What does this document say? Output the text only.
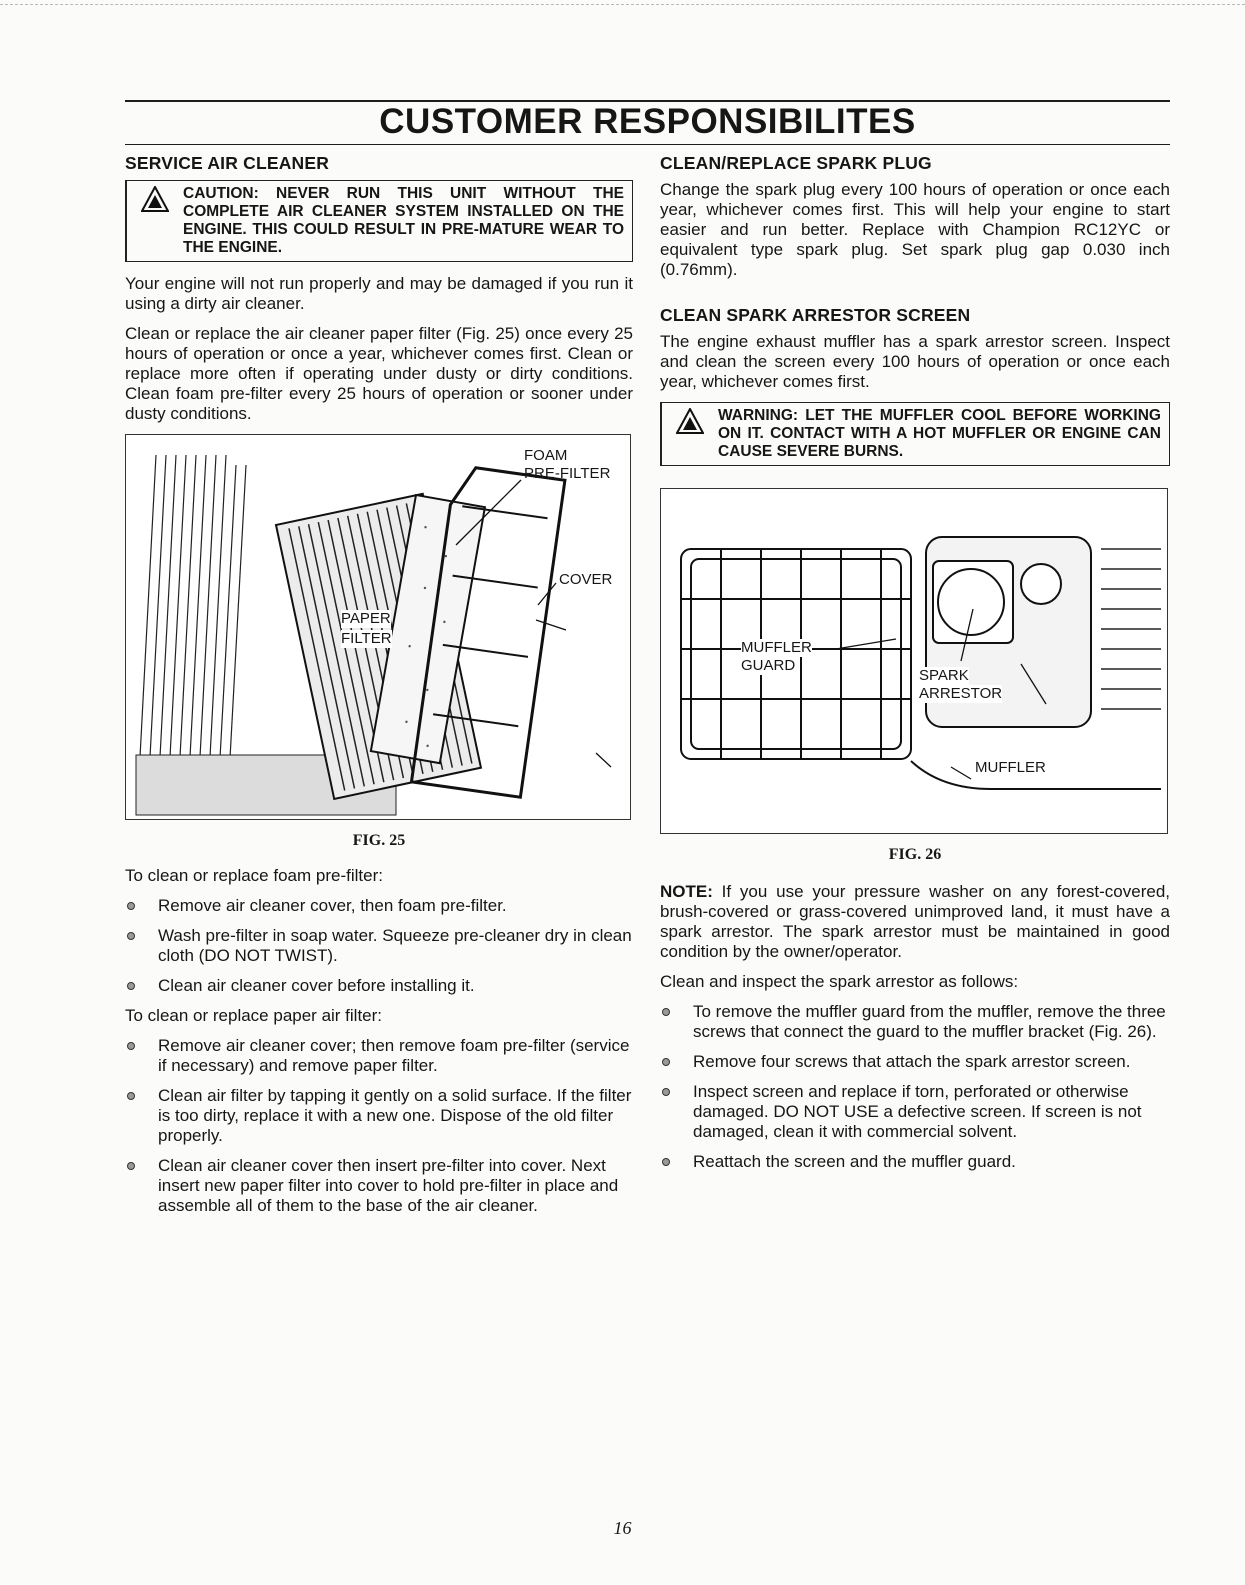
CUSTOMER RESPONSIBILITES
SERVICE AIR CLEANER
CAUTION: NEVER RUN THIS UNIT WITHOUT THE COMPLETE AIR CLEANER SYSTEM INSTALLED ON THE ENGINE. THIS COULD RESULT IN PRE-MATURE WEAR TO THE ENGINE.

Your engine will not run properly and may be damaged if you run it using a dirty air cleaner.

Clean or replace the air cleaner paper filter (Fig. 25) once every 25 hours of operation or once a year, whichever comes first. Clean or replace more often if operating under dusty or dirty conditions. Clean foam pre-filter every 25 hours of operation or sooner under dusty conditions.

FOAM
PRE-FILTER
COVER
PAPER
FILTER
FIG. 25

To clean or replace foam pre-filter:

Remove air cleaner cover, then foam pre-filter.
Wash pre-filter in soap water. Squeeze pre-cleaner dry in clean cloth (DO NOT TWIST).
Clean air cleaner cover before installing it.

To clean or replace paper air filter:

Remove air cleaner cover; then remove foam pre-filter (service if necessary) and remove paper filter.
Clean air filter by tapping it gently on a solid surface. If the filter is too dirty, replace it with a new one. Dispose of the old filter properly.
Clean air cleaner cover then insert pre-filter into cover. Next insert new paper filter into cover to hold pre-filter in place and assemble all of them to the base of the air cleaner.
CLEAN/REPLACE SPARK PLUG

Change the spark plug every 100 hours of operation or once each year, whichever comes first. This will help your engine to start easier and run better. Replace with Champion RC12YC or equivalent type spark plug. Set spark plug gap 0.030 inch (0.76mm).

CLEAN SPARK ARRESTOR SCREEN

The engine exhaust muffler has a spark arrestor screen. Inspect and clean the screen every 100 hours of operation or once each year, whichever comes first.

WARNING: LET THE MUFFLER COOL BEFORE WORKING ON IT. CONTACT WITH A HOT MUFFLER OR ENGINE CAN CAUSE SEVERE BURNS.
MUFFLER
GUARD
SPARK
ARRESTOR
MUFFLER
FIG. 26

NOTE: If you use your pressure washer on any forest-covered, brush-covered or grass-covered unimproved land, it must have a spark arrestor. The spark arrestor must be maintained in good condition by the owner/operator.

Clean and inspect the spark arrestor as follows:

To remove the muffler guard from the muffler, remove the three screws that connect the guard to the muffler bracket (Fig. 26).
Remove four screws that attach the spark arrestor screen.
Inspect screen and replace if torn, perforated or otherwise damaged. DO NOT USE a defective screen. If screen is not damaged, clean it with commercial solvent.
Reattach the screen and the muffler guard.
16
